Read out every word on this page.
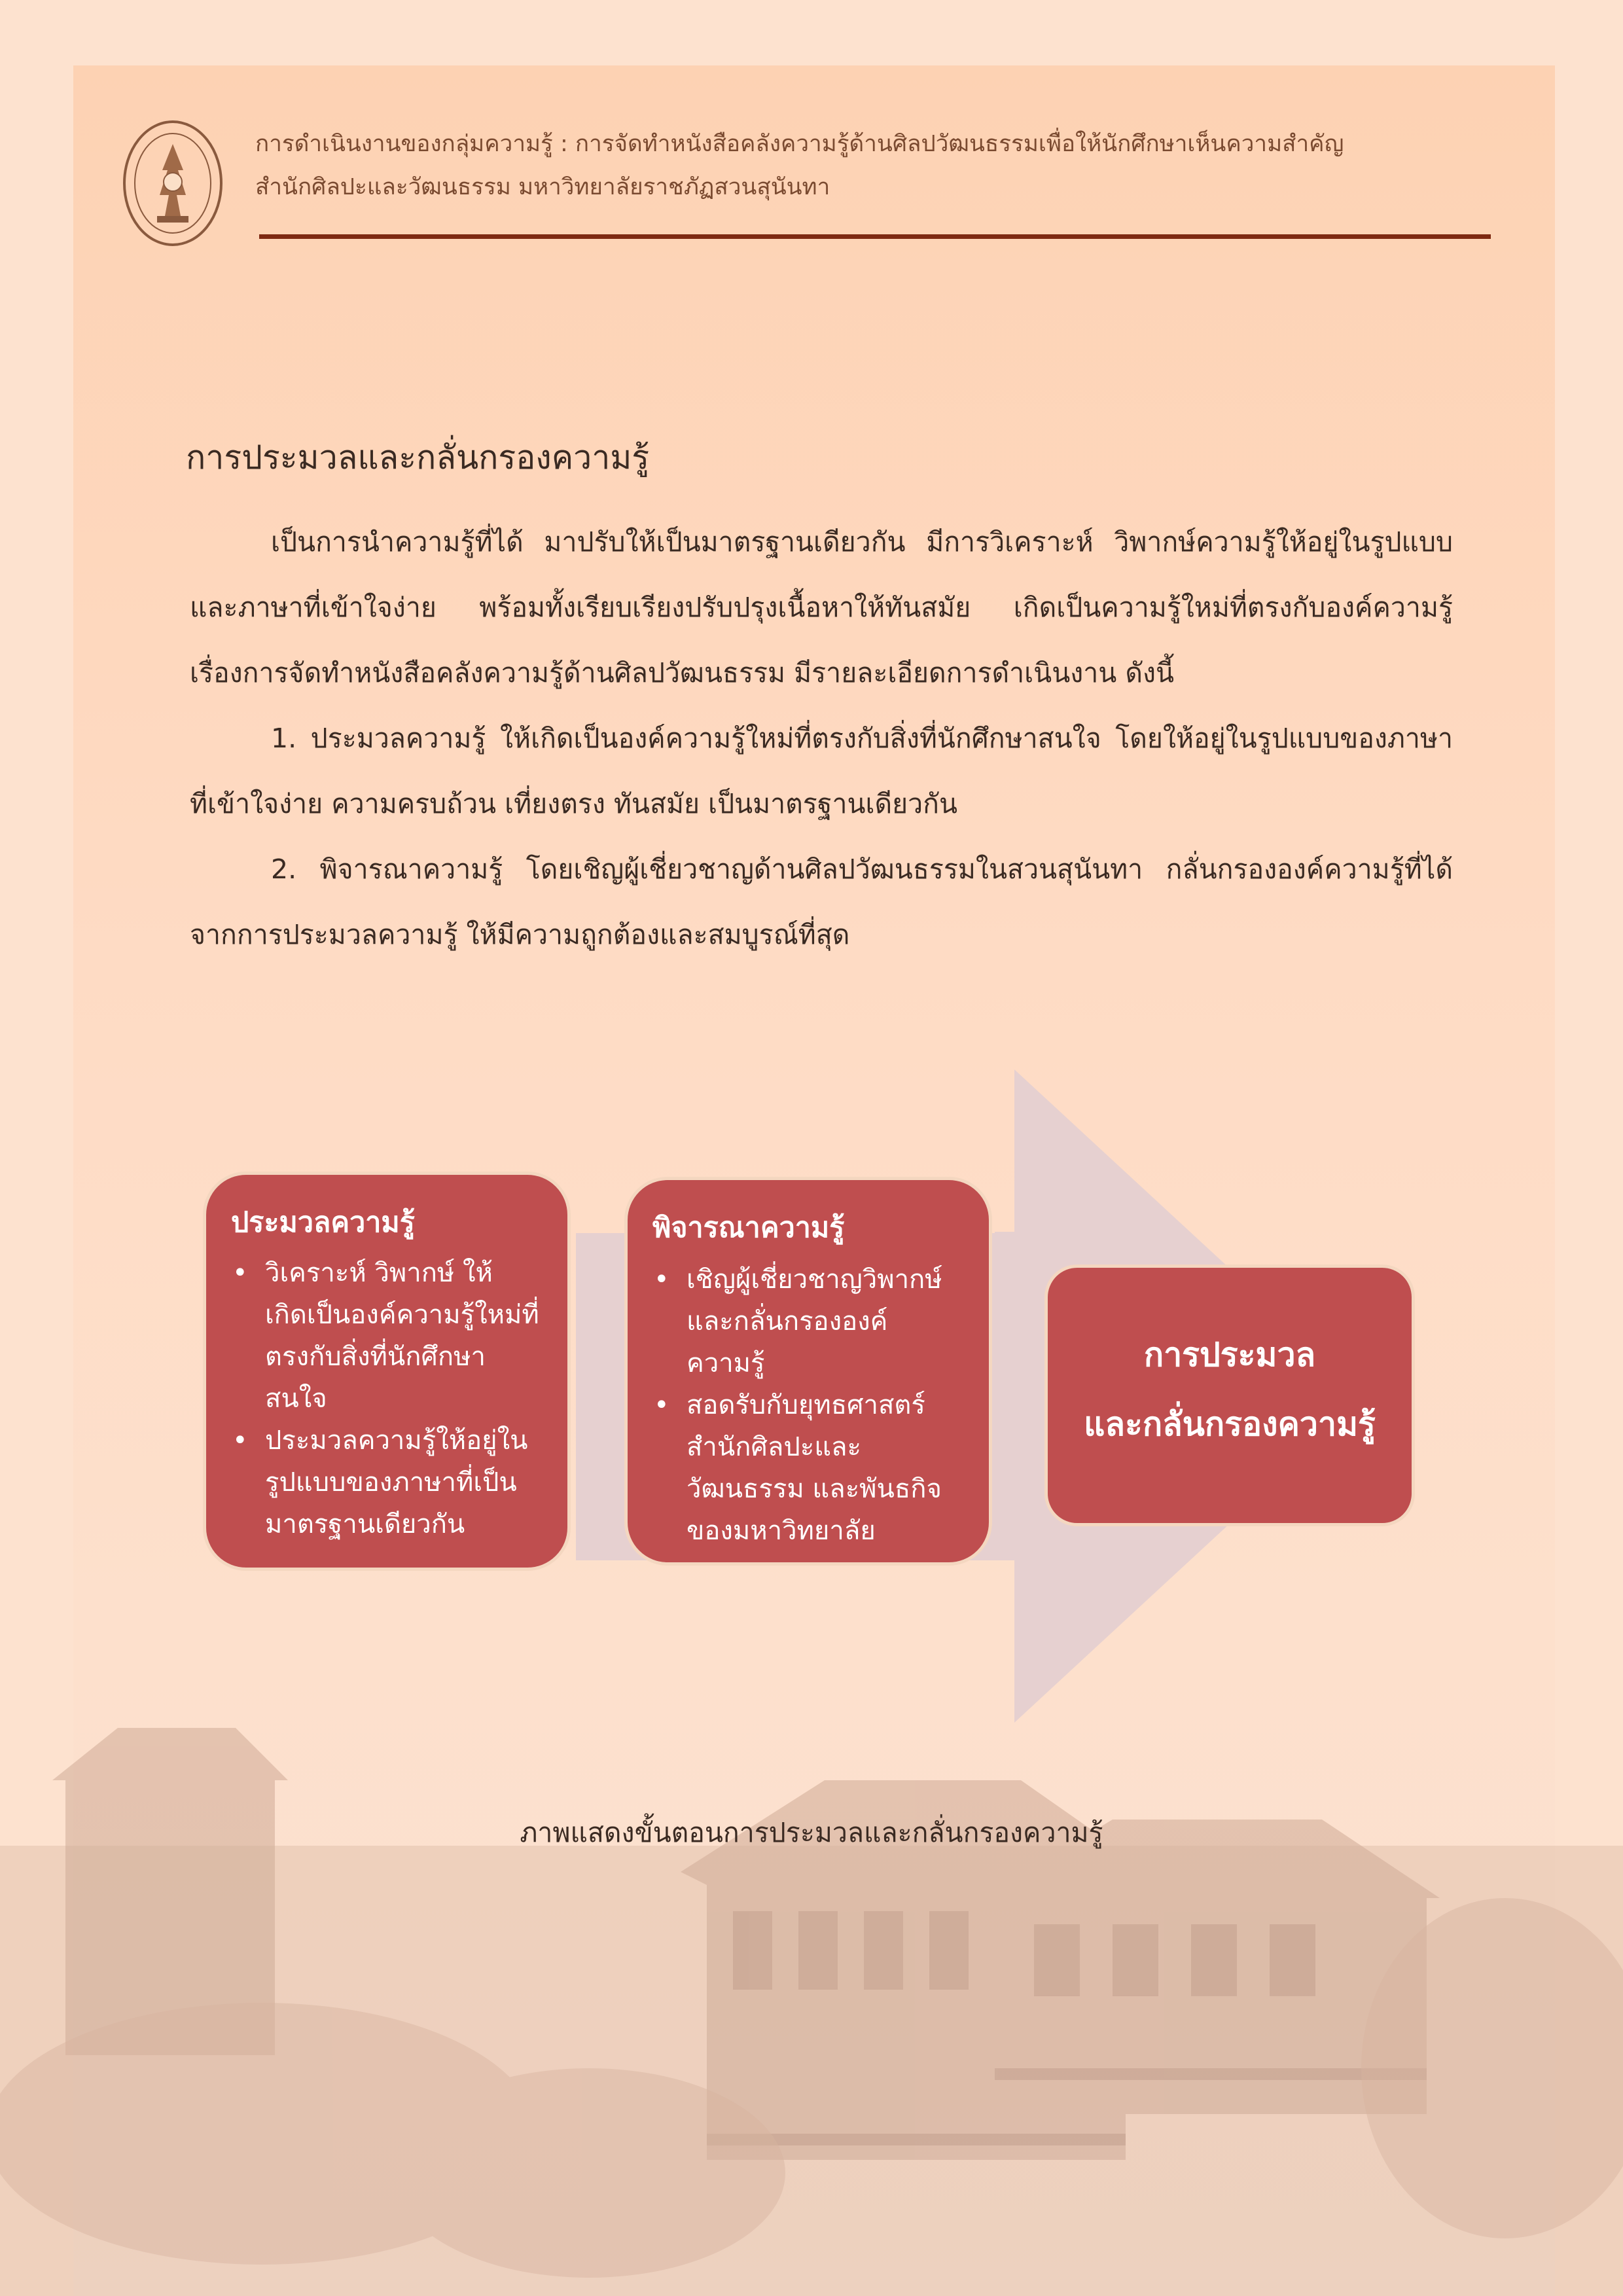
การดำเนินงานของกลุ่มความรู้ : การจัดทำหนังสือคลังความรู้ด้านศิลปวัฒนธรรมเพื่อให้นักศึกษาเห็นความสำคัญ
สำนักศิลปะและวัฒนธรรม มหาวิทยาลัยราชภัฏสวนสุนันทา
การประมวลและกลั่นกรองความรู้
เป็นการนำความรู้ที่ได้ มาปรับให้เป็นมาตรฐานเดียวกัน มีการวิเคราะห์ วิพากษ์ความรู้ให้อยู่ในรูปแบบ
และภาษาที่เข้าใจง่าย พร้อมทั้งเรียบเรียงปรับปรุงเนื้อหาให้ทันสมัย เกิดเป็นความรู้ใหม่ที่ตรงกับองค์ความรู้
เรื่องการจัดทำหนังสือคลังความรู้ด้านศิลปวัฒนธรรม มีรายละเอียดการดำเนินงาน ดังนี้
1. ประมวลความรู้ ให้เกิดเป็นองค์ความรู้ใหม่ที่ตรงกับสิ่งที่นักศึกษาสนใจ โดยให้อยู่ในรูปแบบของภาษา
ที่เข้าใจง่าย ความครบถ้วน เที่ยงตรง ทันสมัย เป็นมาตรฐานเดียวกัน
2. พิจารณาความรู้ โดยเชิญผู้เชี่ยวชาญด้านศิลปวัฒนธรรมในสวนสุนันทา กลั่นกรององค์ความรู้ที่ได้
จากการประมวลความรู้ ให้มีความถูกต้องและสมบูรณ์ที่สุด
ประมวลความรู้
• วิเคราะห์ วิพากษ์ ให้
เกิดเป็นองค์ความรู้ใหม่ที่
ตรงกับสิ่งที่นักศึกษา
สนใจ
• ประมวลความรู้ให้อยู่ใน
รูปแบบของภาษาที่เป็น
มาตรฐานเดียวกัน
พิจารณาความรู้
• เชิญผู้เชี่ยวชาญวิพากษ์
และกลั่นกรององค์
ความรู้
• สอดรับกับยุทธศาสตร์
สำนักศิลปะและ
วัฒนธรรม และพันธกิจ
ของมหาวิทยาลัย
การประมวล
และกลั่นกรองความรู้
ภาพแสดงขั้นตอนการประมวลและกลั่นกรองความรู้
